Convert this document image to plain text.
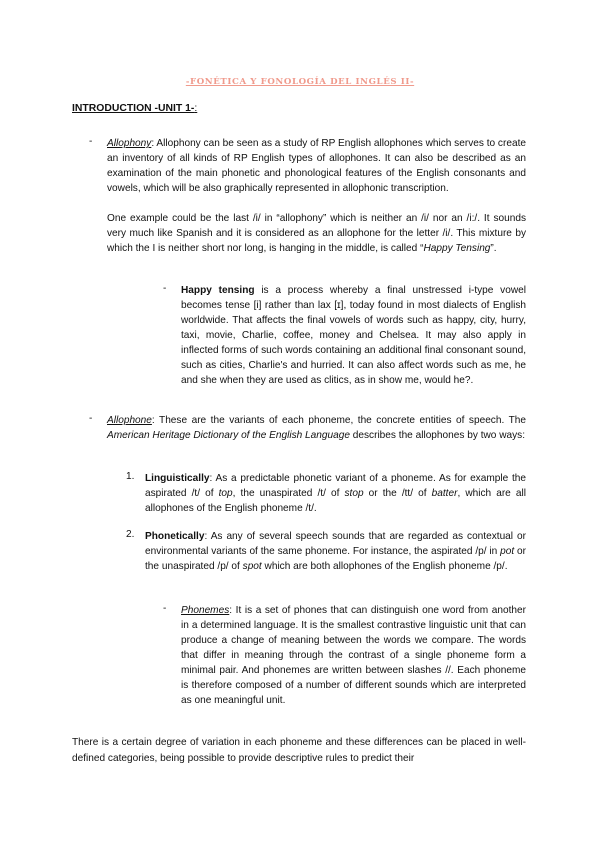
-FONÉTICA Y FONOLOGÍA DEL INGLÉS II-
INTRODUCTION -UNIT 1-:
- Allophony: Allophony can be seen as a study of RP English allophones which serves to create an inventory of all kinds of RP English types of allophones. It can also be described as an examination of the main phonetic and phonological features of the English consonants and vowels, which will be also graphically represented in allophonic transcription.
One example could be the last /i/ in “allophony” which is neither an /i/ nor an /i:/. It sounds very much like Spanish and it is considered as an allophone for the letter /i/. This mixture by which the I is neither short nor long, is hanging in the middle, is called “Happy Tensing”.
- Happy tensing is a process whereby a final unstressed i-type vowel becomes tense [i] rather than lax [ɪ], today found in most dialects of English worldwide. That affects the final vowels of words such as happy, city, hurry, taxi, movie, Charlie, coffee, money and Chelsea. It may also apply in inflected forms of such words containing an additional final consonant sound, such as cities, Charlie's and hurried. It can also affect words such as me, he and she when they are used as clitics, as in show me, would he?.
- Allophone: These are the variants of each phoneme, the concrete entities of speech. The American Heritage Dictionary of the English Language describes the allophones by two ways:
1. Linguistically: As a predictable phonetic variant of a phoneme. As for example the aspirated /t/ of top, the unaspirated /t/ of stop or the /tt/ of batter, which are all allophones of the English phoneme /t/.
2. Phonetically: As any of several speech sounds that are regarded as contextual or environmental variants of the same phoneme. For instance, the aspirated /p/ in pot or the unaspirated /p/ of spot which are both allophones of the English phoneme /p/.
- Phonemes: It is a set of phones that can distinguish one word from another in a determined language. It is the smallest contrastive linguistic unit that can produce a change of meaning between the words we compare. The words that differ in meaning through the contrast of a single phoneme form a minimal pair. And phonemes are written between slashes //. Each phoneme is therefore composed of a number of different sounds which are interpreted as one meaningful unit.
There is a certain degree of variation in each phoneme and these differences can be placed in well-defined categories, being possible to provide descriptive rules to predict their
